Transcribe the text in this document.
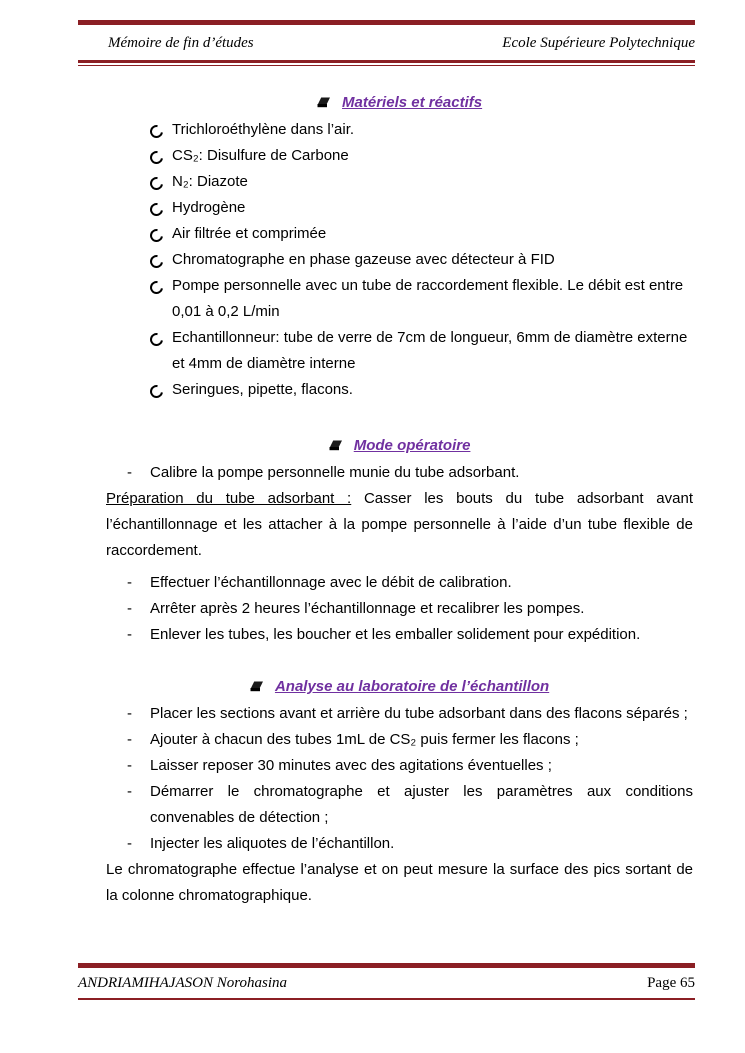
Mémoire de fin d’études	Ecole Supérieure Polytechnique
Matériels et réactifs
Trichloroéthylène dans l’air.
CS₂: Disulfure de Carbone
N₂: Diazote
Hydrogène
Air filtrée et comprimée
Chromatographe en phase gazeuse avec détecteur à FID
Pompe personnelle avec un tube de raccordement flexible. Le débit est entre 0,01 à 0,2 L/min
Echantillonneur: tube de verre de 7cm de longueur, 6mm de diamètre externe et 4mm de diamètre interne
Seringues, pipette, flacons.
Mode opératoire
- Calibre la pompe personnelle munie du tube adsorbant.

Préparation du tube adsorbant : Casser les bouts du tube adsorbant avant l’échantillonnage et les attacher à la pompe personnelle à l’aide d’un tube flexible de raccordement.

- Effectuer l’échantillonnage avec le débit de calibration.
- Arrêter après 2 heures l’échantillonnage et recalibrer les pompes.
- Enlever les tubes, les boucher et les emballer solidement pour expédition.
Analyse au laboratoire de l’échantillon
- Placer les sections avant et arrière du tube adsorbant dans des flacons séparés ;
- Ajouter à chacun des tubes 1mL de CS₂ puis fermer les flacons ;
- Laisser reposer 30 minutes avec des agitations éventuelles ;
- Démarrer le chromatographe et ajuster les paramètres aux conditions convenables de détection ;
- Injecter les aliquotes de l’échantillon.

Le chromatographe effectue l’analyse et on peut mesure la surface des pics sortant de la colonne chromatographique.

ANDRIAMIHAJASON Norohasina	Page 65
